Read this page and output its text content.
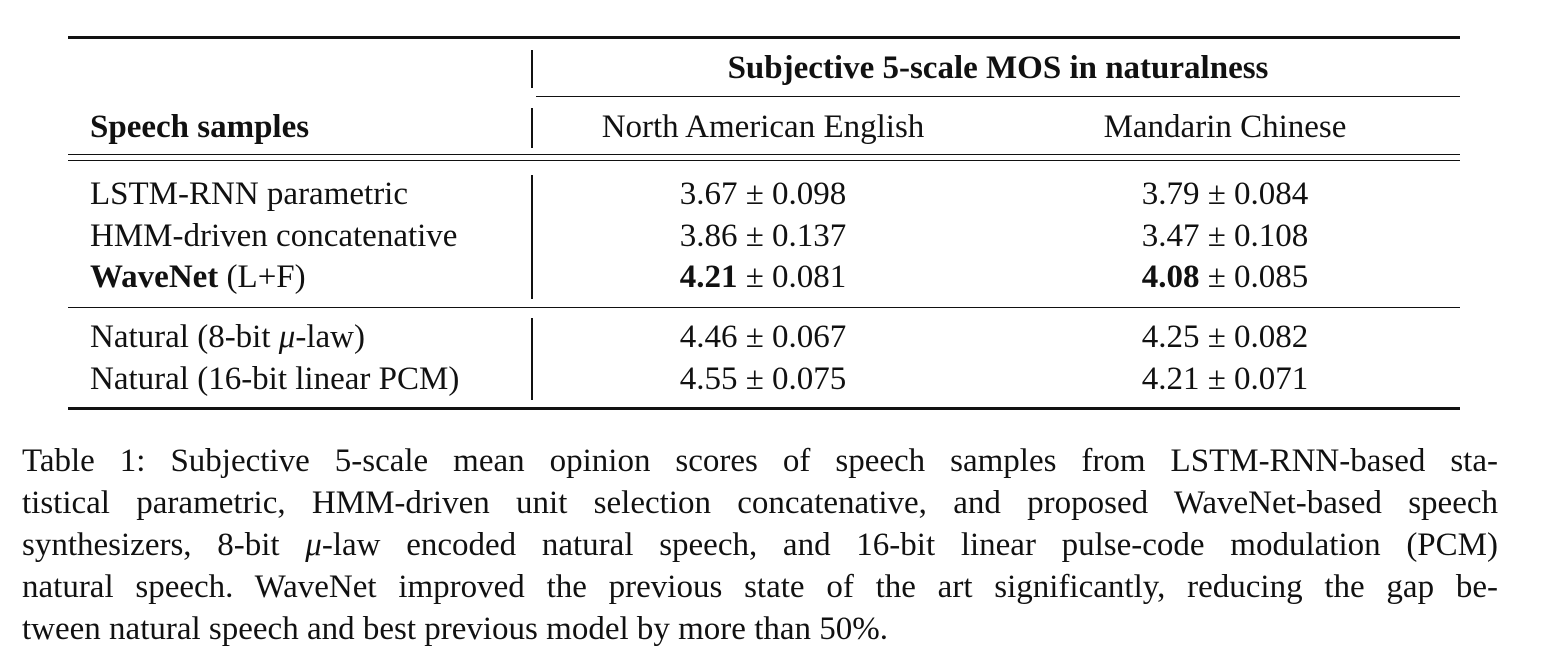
Subjective 5-scale MOS in naturalness
Speech samples	North American English	Mandarin Chinese
LSTM-RNN parametric	3.67 ± 0.098	3.79 ± 0.084
HMM-driven concatenative	3.86 ± 0.137	3.47 ± 0.108
WaveNet (L+F)	4.21 ± 0.081	4.08 ± 0.085
Natural (8-bit μ-law)	4.46 ± 0.067	4.25 ± 0.082
Natural (16-bit linear PCM)	4.55 ± 0.075	4.21 ± 0.071
Table 1: Subjective 5-scale mean opinion scores of speech samples from LSTM-RNN-based sta-
tistical parametric, HMM-driven unit selection concatenative, and proposed WaveNet-based speech
synthesizers, 8-bit μ-law encoded natural speech, and 16-bit linear pulse-code modulation (PCM)
natural speech. WaveNet improved the previous state of the art significantly, reducing the gap be-
tween natural speech and best previous model by more than 50%.
